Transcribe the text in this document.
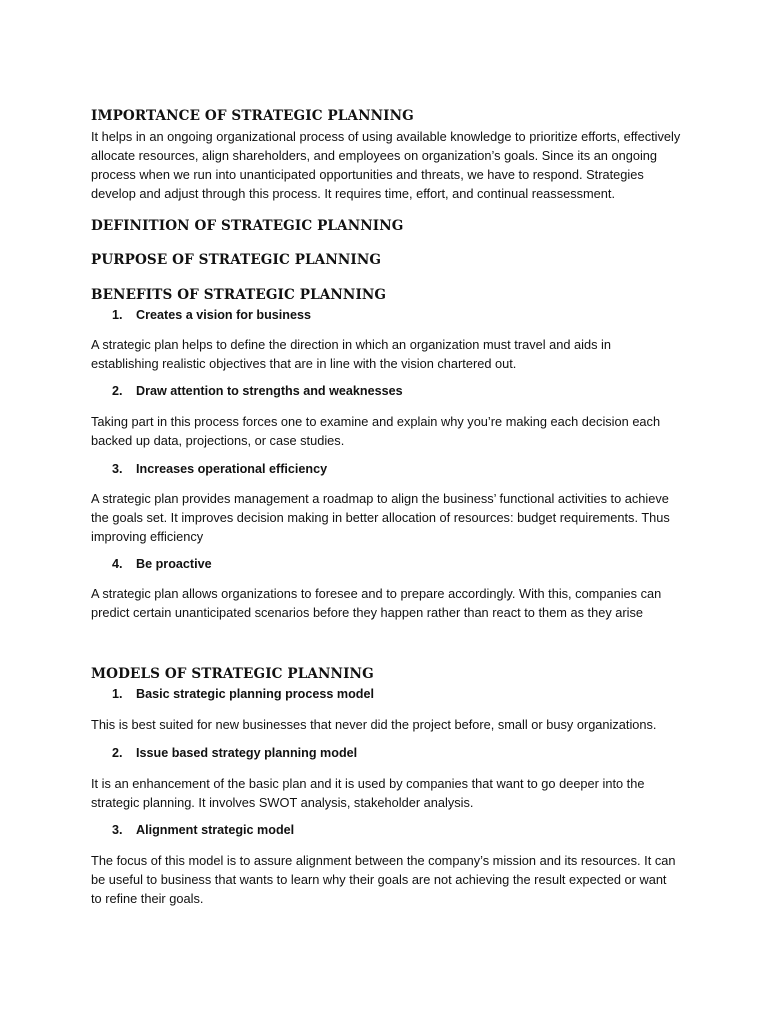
IMPORTANCE OF STRATEGIC PLANNING
It helps in an ongoing organizational process of using available knowledge to prioritize efforts, effectively
allocate resources, align shareholders, and employees on organization’s goals. Since its an ongoing
process when we run into unanticipated opportunities and threats, we have to respond. Strategies
develop and adjust through this process. It requires time, effort, and continual reassessment.
DEFINITION OF STRATEGIC PLANNING
PURPOSE OF STRATEGIC PLANNING
BENEFITS OF STRATEGIC PLANNING
1. Creates a vision for business
A strategic plan helps to define the direction in which an organization must travel and aids in
establishing realistic objectives that are in line with the vision chartered out.
2. Draw attention to strengths and weaknesses
Taking part in this process forces one to examine and explain why you’re making each decision each
backed up data, projections, or case studies.
3. Increases operational efficiency
A strategic plan provides management a roadmap to align the business’ functional activities to achieve
the goals set. It improves decision making in better allocation of resources: budget requirements. Thus
improving efficiency
4. Be proactive
A strategic plan allows organizations to foresee and to prepare accordingly. With this, companies can
predict certain unanticipated scenarios before they happen rather than react to them as they arise
MODELS OF STRATEGIC PLANNING
1. Basic strategic planning process model
This is best suited for new businesses that never did the project before, small or busy organizations.
2. Issue based strategy planning model
It is an enhancement of the basic plan and it is used by companies that want to go deeper into the
strategic planning. It involves SWOT analysis, stakeholder analysis.
3. Alignment strategic model
The focus of this model is to assure alignment between the company’s mission and its resources. It can
be useful to business that wants to learn why their goals are not achieving the result expected or want
to refine their goals.
